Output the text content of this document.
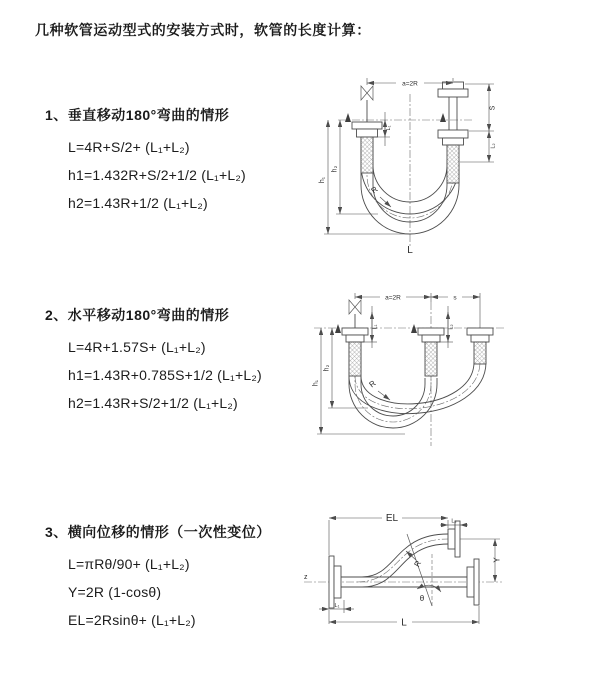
几种软管运动型式的安装方式时，软管的长度计算：
1、垂直移动180°弯曲的情形

L=4R+S/2+ (L₁+L₂)

h1=1.432R+S/2+1/2 (L₁+L₂)

h2=1.43R+1/2 (L₁+L₂)

2、水平移动180°弯曲的情形

L=4R+1.57S+ (L₁+L₂)

h1=1.43R+0.785S+1/2 (L₁+L₂)

h2=1.43R+S/2+1/2 (L₁+L₂)

3、横向位移的情形（一次性变位）

L=πRθ/90+ (L₁+L₂)

Y=2R (1-cosθ)

EL=2Rsinθ+ (L₁+L₂)

a=2R
h₁
h₂
L₁
S
L₂
R
L
a=2R	s
h₁
h₂
L₁	L₂
R
z
EL	L₂
L₁
L
Y
θ
R
